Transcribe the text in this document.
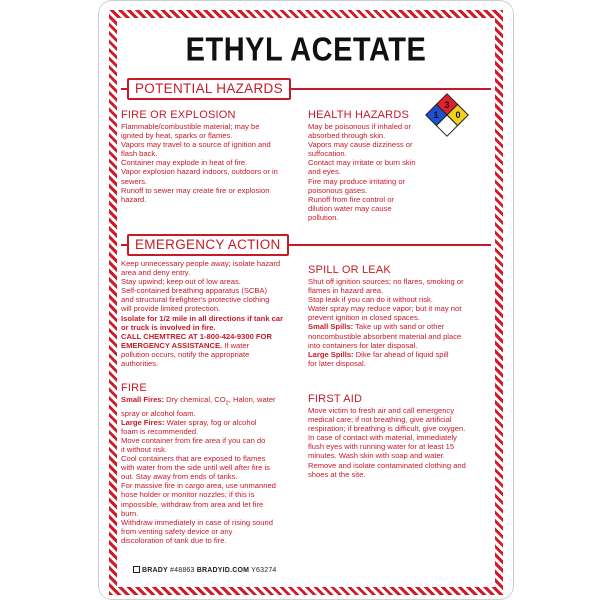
ETHYL ACETATE
POTENTIAL HAZARDS
FIRE OR EXPLOSION

Flammable/combustible material; may be

ignited by heat, sparks or flames.

Vapors may travel to a source of ignition and

flash back.

Container may explode in heat of fire.

Vapor explosion hazard indoors, outdoors or in

sewers.

Runoff to sewer may create fire or explosion

hazard.

HEALTH HAZARDS

May be poisonous if inhaled or

absorbed through skin.

Vapors may cause dizziness or

suffocation.

Contact may irritate or burn skin

and eyes.

Fire may produce irritating or

poisonous gases.

Runoff from fire control or

dilution water may cause

pollution.

3
1 0
EMERGENCY ACTION

Keep unnecessary people away; isolate hazard

area and deny entry.

Stay upwind; keep out of low areas.

Self-contained breathing apparatus (SCBA)

and structural firefighter's protective clothing

will provide limited protection.

Isolate for 1/2 mile in all directions if tank car

or truck is involved in fire.

CALL CHEMTREC AT 1-800-424-9300 FOR

EMERGENCY ASSISTANCE. If water

pollution occurs, notify the appropriate

authorities.

FIRE

Small Fires: Dry chemical, $CO_2$, Halon, water

spray or alcohol foam.

Large Fires: Water spray, fog or alcohol

foam is recommended.

Move container from fire area if you can do

it without risk.

Cool containers that are exposed to flames

with water from the side until well after fire is

out. Stay away from ends of tanks.

For massive fire in cargo area, use unmanned

hose holder or monitor nozzles; if this is

impossible, withdraw from area and let fire

burn.

Withdraw immediately in case of rising sound

from venting safety device or any

discoloration of tank due to fire.

SPILL OR LEAK

Shut off ignition sources; no flares, smoking or

flames in hazard area.

Stop leak if you can do it without risk.

Water spray may reduce vapor; but it may not

prevent ignition in closed spaces.

Small Spills: Take up with sand or other

noncombustible absorbent material and place

into containers for later disposal.

Large Spills: Dike far ahead of liquid spill

for later disposal.

FIRST AID

Move victim to fresh air and call emergency

medical care; if not breathing, give artificial

respiration; if breathing is difficult, give oxygen.

In case of contact with material, immediately

flush eyes with running water for at least 15

minutes. Wash skin with soap and water.

Remove and isolate contaminated clothing and

shoes at the site.

BRADY #48863 BRADYID.COM Y63274
